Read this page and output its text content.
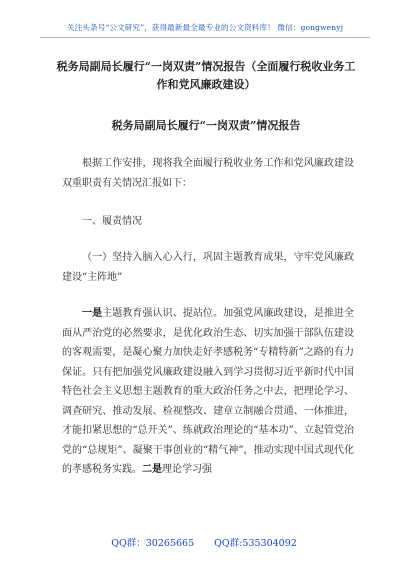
关注头条号“公文研究”，获得最新最全最专业的公文资料库！ 微信：gongwenyj
税务局副局长履行“一岗双责”情况报告（全面履行税收业务工作和党风廉政建设）
税务局副局长履行“一岗双责”情况报告
根据工作安排，现将我全面履行税收业务工作和党风廉政建设双重职责有关情况汇报如下：
一、履责情况
（一）坚持入脑入心入行，巩固主题教育成果，守牢党风廉政建设“主阵地”
一是主题教育强认识、提站位。加强党风廉政建设，是推进全面从严治党的必然要求，是优化政治生态、切实加强干部队伍建设的客观需要，是凝心聚力加快走好孝感税务“专精特新”之路的有力保证。只有把加强党风廉政建设融入到学习贯彻习近平新时代中国特色社会主义思想主题教育的重大政治任务之中去，把理论学习、调查研究、推动发展、检视整改、建章立制融合贯通、一体推进，才能扣紧思想的“总开关”、练就政治理论的“基本功”、立起管党治党的“总规矩”、凝聚干事创业的“精气神”，推动实现中国式现代化的孝感税务实践。二是理论学习强
QQ群：30265665 QQ群:535304092
